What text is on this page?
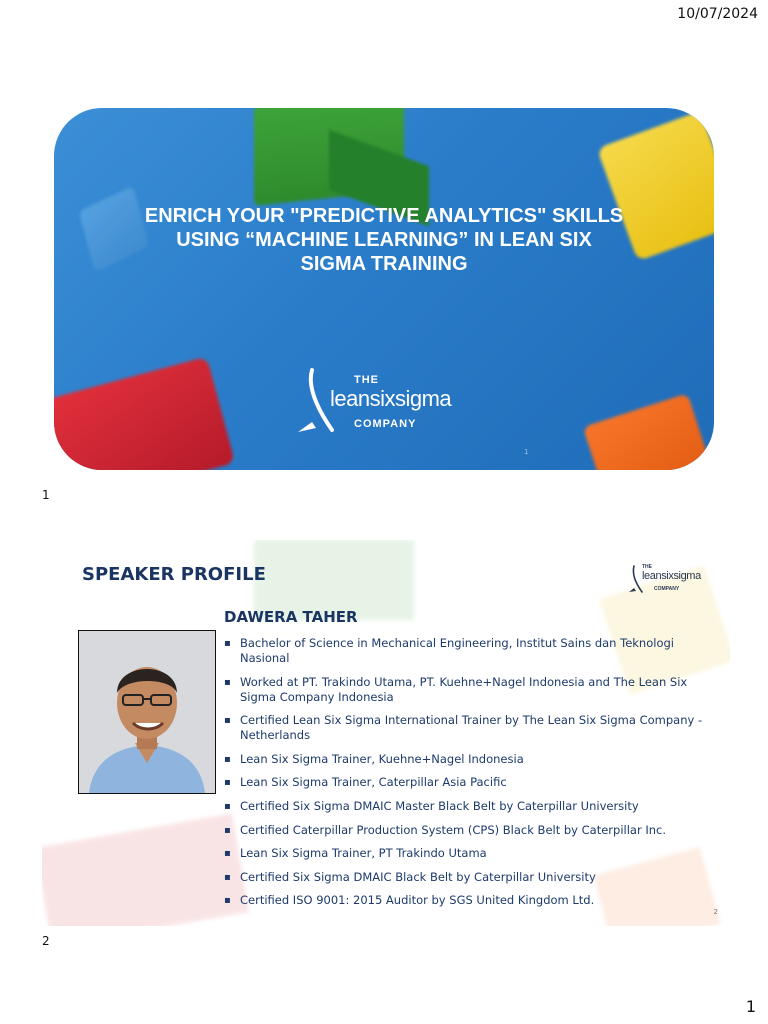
10/07/2024
ENRICH YOUR "PREDICTIVE ANALYTICS" SKILLS USING “MACHINE LEARNING” IN LEAN SIX SIGMA TRAINING
THE
leansixsigma
COMPANY
1
1
SPEAKER PROFILE	THE
leansixsigma
COMPANY
DAWERA TAHER
▪ Bachelor of Science in Mechanical Engineering, Institut Sains dan Teknologi Nasional
▪ Worked at PT. Trakindo Utama, PT. Kuehne+Nagel Indonesia and The Lean Six Sigma Company Indonesia
▪ Certified Lean Six Sigma International Trainer by The Lean Six Sigma Company - Netherlands
▪ Lean Six Sigma Trainer, Kuehne+Nagel Indonesia
▪ Lean Six Sigma Trainer, Caterpillar Asia Pacific
▪ Certified Six Sigma DMAIC Master Black Belt by Caterpillar University
▪ Certified Caterpillar Production System (CPS) Black Belt by Caterpillar Inc.
▪ Lean Six Sigma Trainer, PT Trakindo Utama
▪ Certified Six Sigma DMAIC Black Belt by Caterpillar University
▪ Certified ISO 9001: 2015 Auditor by SGS United Kingdom Ltd.
2
2
1
